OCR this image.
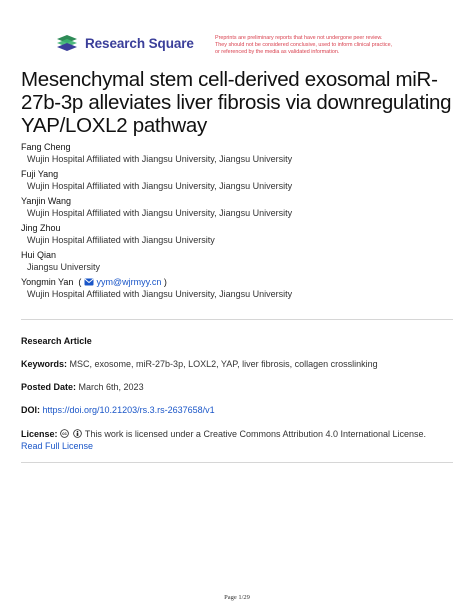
Research Square	Preprints are preliminary reports that have not undergone peer review.
They should not be considered conclusive, used to inform clinical practice,
or referenced by the media as validated information.
Mesenchymal stem cell-derived exosomal miR-27b-3p alleviates liver fibrosis via downregulating YAP/LOXL2 pathway
Fang Cheng
Wujin Hospital Affiliated with Jiangsu University, Jiangsu University
Fuji Yang
Wujin Hospital Affiliated with Jiangsu University, Jiangsu University
Yanjin Wang
Wujin Hospital Affiliated with Jiangsu University, Jiangsu University
Jing Zhou
Wujin Hospital Affiliated with Jiangsu University
Hui Qian
Jiangsu University
Yongmin Yan  ( yym@wjrmyy.cn )
Wujin Hospital Affiliated with Jiangsu University, Jiangsu University
Research Article
Keywords: MSC, exosome, miR-27b-3p, LOXL2, YAP, liver fibrosis, collagen crosslinking
Posted Date: March 6th, 2023
DOI: https://doi.org/10.21203/rs.3.rs-2637658/v1
License: cc This work is licensed under a Creative Commons Attribution 4.0 International License.
Read Full License
Page 1/29
